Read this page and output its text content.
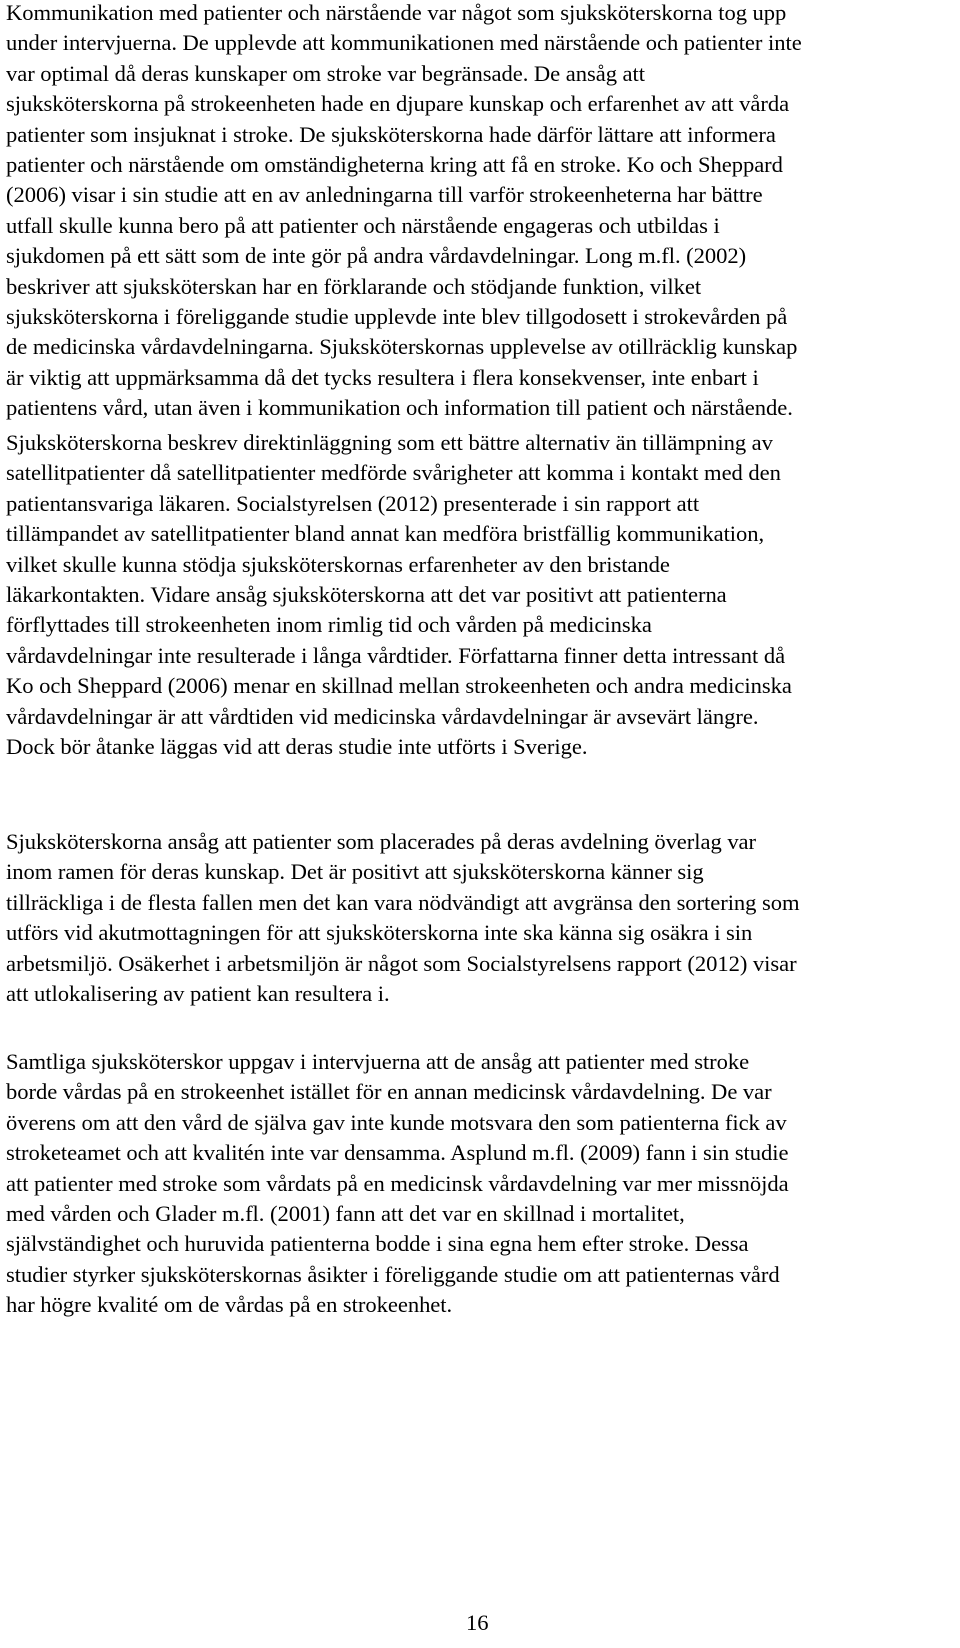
Kommunikation med patienter och närstående var något som sjuksköterskorna tog upp
under intervjuerna. De upplevde att kommunikationen med närstående och patienter inte
var optimal då deras kunskaper om stroke var begränsade. De ansåg att
sjuksköterskorna på strokeenheten hade en djupare kunskap och erfarenhet av att vårda
patienter som insjuknat i stroke. De sjuksköterskorna hade därför lättare att informera
patienter och närstående om omständigheterna kring att få en stroke. Ko och Sheppard
(2006) visar i sin studie att en av anledningarna till varför strokeenheterna har bättre
utfall skulle kunna bero på att patienter och närstående engageras och utbildas i
sjukdomen på ett sätt som de inte gör på andra vårdavdelningar. Long m.fl. (2002)
beskriver att sjuksköterskan har en förklarande och stödjande funktion, vilket
sjuksköterskorna i föreliggande studie upplevde inte blev tillgodosett i strokevården på
de medicinska vårdavdelningarna. Sjuksköterskornas upplevelse av otillräcklig kunskap
är viktig att uppmärksamma då det tycks resultera i flera konsekvenser, inte enbart i
patientens vård, utan även i kommunikation och information till patient och närstående.

Sjuksköterskorna beskrev direktinläggning som ett bättre alternativ än tillämpning av
satellitpatienter då satellitpatienter medförde svårigheter att komma i kontakt med den
patientansvariga läkaren. Socialstyrelsen (2012) presenterade i sin rapport att
tillämpandet av satellitpatienter bland annat kan medföra bristfällig kommunikation,
vilket skulle kunna stödja sjuksköterskornas erfarenheter av den bristande
läkarkontakten. Vidare ansåg sjuksköterskorna att det var positivt att patienterna
förflyttades till strokeenheten inom rimlig tid och vården på medicinska
vårdavdelningar inte resulterade i långa vårdtider. Författarna finner detta intressant då
Ko och Sheppard (2006) menar en skillnad mellan strokeenheten och andra medicinska
vårdavdelningar är att vårdtiden vid medicinska vårdavdelningar är avsevärt längre.
Dock bör åtanke läggas vid att deras studie inte utförts i Sverige.

Sjuksköterskorna ansåg att patienter som placerades på deras avdelning överlag var
inom ramen för deras kunskap. Det är positivt att sjuksköterskorna känner sig
tillräckliga i de flesta fallen men det kan vara nödvändigt att avgränsa den sortering som
utförs vid akutmottagningen för att sjuksköterskorna inte ska känna sig osäkra i sin
arbetsmiljö. Osäkerhet i arbetsmiljön är något som Socialstyrelsens rapport (2012) visar
att utlokalisering av patient kan resultera i.

Samtliga sjuksköterskor uppgav i intervjuerna att de ansåg att patienter med stroke
borde vårdas på en strokeenhet istället för en annan medicinsk vårdavdelning. De var
överens om att den vård de själva gav inte kunde motsvara den som patienterna fick av
stroketeamet och att kvalitén inte var densamma. Asplund m.fl. (2009) fann i sin studie
att patienter med stroke som vårdats på en medicinsk vårdavdelning var mer missnöjda
med vården och Glader m.fl. (2001) fann att det var en skillnad i mortalitet,
självständighet och huruvida patienterna bodde i sina egna hem efter stroke. Dessa
studier styrker sjuksköterskornas åsikter i föreliggande studie om att patienternas vård
har högre kvalité om de vårdas på en strokeenhet.

16
